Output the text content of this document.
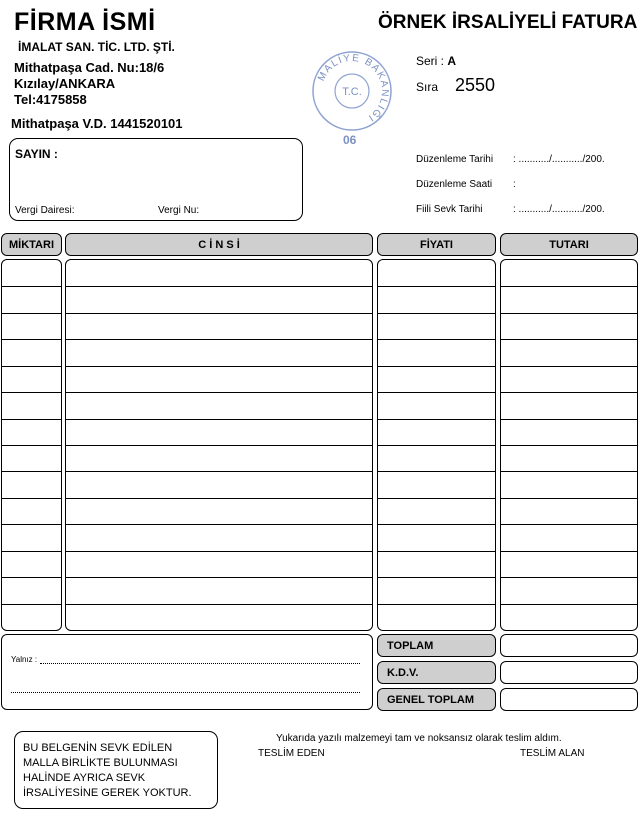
FİRMA İSMİ
İMALAT SAN. TİC. LTD. ŞTİ.
Mithatpaşa Cad. Nu:18/6
Kızılay/ANKARA
Tel:4175858
Mithatpaşa V.D. 1441520101
ÖRNEK İRSALİYELİ FATURA
MALİYE BAKANLIĞI
T.C.
06
Seri : A
Sıra 2550
SAYIN :
Vergi Dairesi:	Vergi Nu:
Düzenleme Tarihi : .........../.........../200.
Düzenleme Saati :
Fiili Sevk Tarihi	: .........../.........../200.
MİKTARI	C İ N S İ	FİYATI	TUTARI
Yalnız :
TOPLAM
K.D.V.
GENEL TOPLAM
BU BELGENİN SEVK EDİLEN
MALLA BİRLİKTE BULUNMASI
HALİNDE AYRICA SEVK
İRSALİYESİNE GEREK YOKTUR.
Yukarıda yazılı malzemeyi tam ve noksansız olarak teslim aldım.
TESLİM EDEN	TESLİM ALAN
